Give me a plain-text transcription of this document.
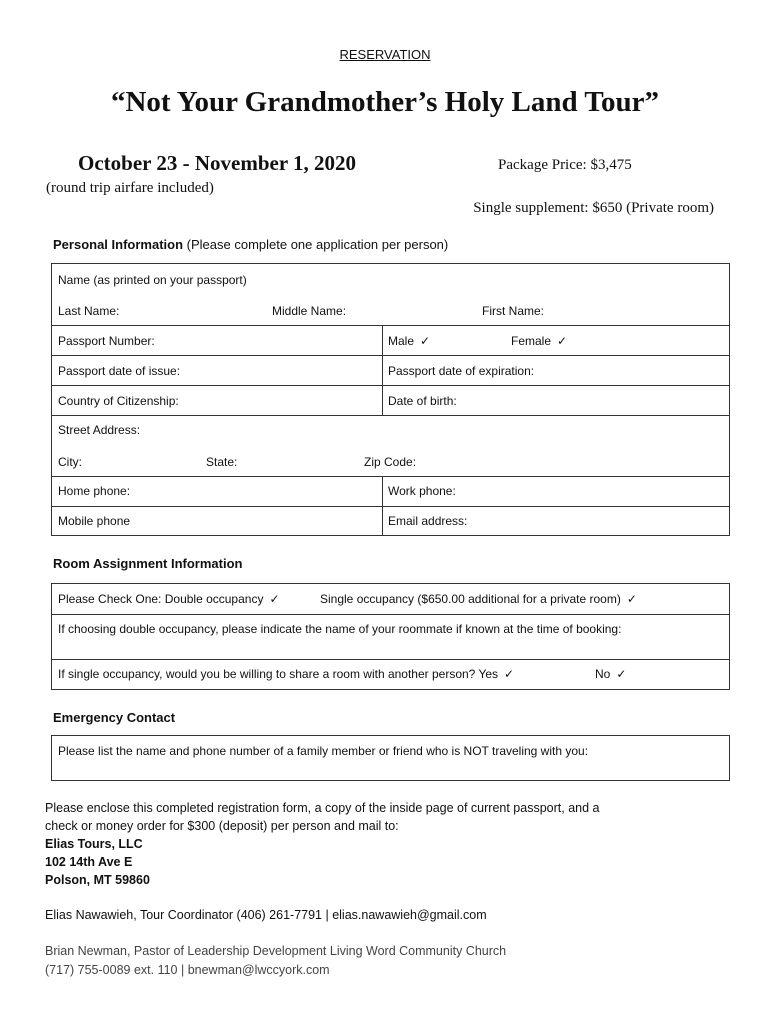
RESERVATION
“Not Your Grandmother’s Holy Land Tour”
October 23 - November 1, 2020	Package Price: $3,475
(round trip airfare included)
Single supplement: $650 (Private room)
Personal Information (Please complete one application per person)
Name (as printed on your passport)
Last Name:	Middle Name:	First Name:
Passport Number:	Male ✓	Female ✓
Passport date of issue:	Passport date of expiration:
Country of Citizenship:	Date of birth:
Street Address:
City:	State:	Zip Code:
Home phone:	Work phone:
Mobile phone	Email address:
Room Assignment Information
Please Check One: Double occupancy ✓	Single occupancy ($650.00 additional for a private room) ✓
If choosing double occupancy, please indicate the name of your roommate if known at the time of booking:
If single occupancy, would you be willing to share a room with another person? Yes ✓	No ✓
Emergency Contact
Please list the name and phone number of a family member or friend who is NOT traveling with you:
Please enclose this completed registration form, a copy of the inside page of current passport, and a
check or money order for $300 (deposit) per person and mail to:
Elias Tours, LLC
102 14th Ave E
Polson, MT 59860
Elias Nawawieh, Tour Coordinator (406) 261-7791 | elias.nawawieh@gmail.com
Brian Newman, Pastor of Leadership Development Living Word Community Church
(717) 755-0089 ext. 110 | bnewman@lwccyork.com
